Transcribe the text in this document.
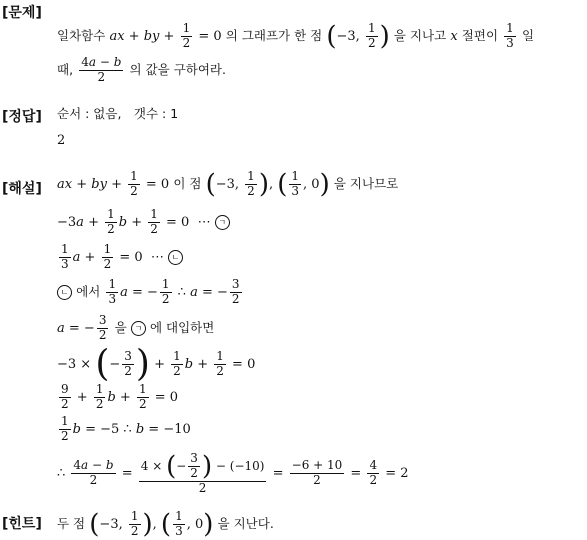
[문제]
[정답]
[해설]
[힌트]
일차함수 ax + by + $\frac{1}{2} = 0$ 의 그래프가 한 점 (−3, $\frac{1}{2}$ ) 을 지나고 x 절편이 $\frac{1}{3}$ 일
때, $\frac{4a - b}{2}$ 의 값을 구하여라.
순서 : 없음,　갯수 : 1
2
ax + by + $\frac{1}{2} = 0$ 이 점 (−3, $\frac{1}{2}$ ), ( $\frac{1}{3}$ , 0) 을 지나므로
$-3a + \frac{1}{2}$ $b + \frac{1}{2} = 0$  ⋯ ㄱ
$\frac{1}{3}$ $a + \frac{1}{2} = 0$  ⋯ ㄴ
ㄴ 에서 $\frac{1}{3}$ a = − $\frac{1}{2}$ ∴ a = − $\frac{3}{2}$
a = − $\frac{3}{2}$ 을 ㄱ 에 대입하면
−3 × (− $\frac{3}{2}$ ) + $\frac{1}{2}$ $b + \frac{1}{2} = 0$
$\frac{9}{2} + \frac{1}{2}$ $b + \frac{1}{2} = 0$
$\frac{1}{2}$ b = −5 ∴ b = −10
∴ $\frac{4a - b}{2} = \frac{4 \times (- \frac{3}{2} ) - (-10)}{2} = \frac{-6 + 10}{2} = \frac{4}{2} = 2$
두 점 (−3, $\frac{1}{2}$ ), ( $\frac{1}{3}$ , 0) 을 지난다.
